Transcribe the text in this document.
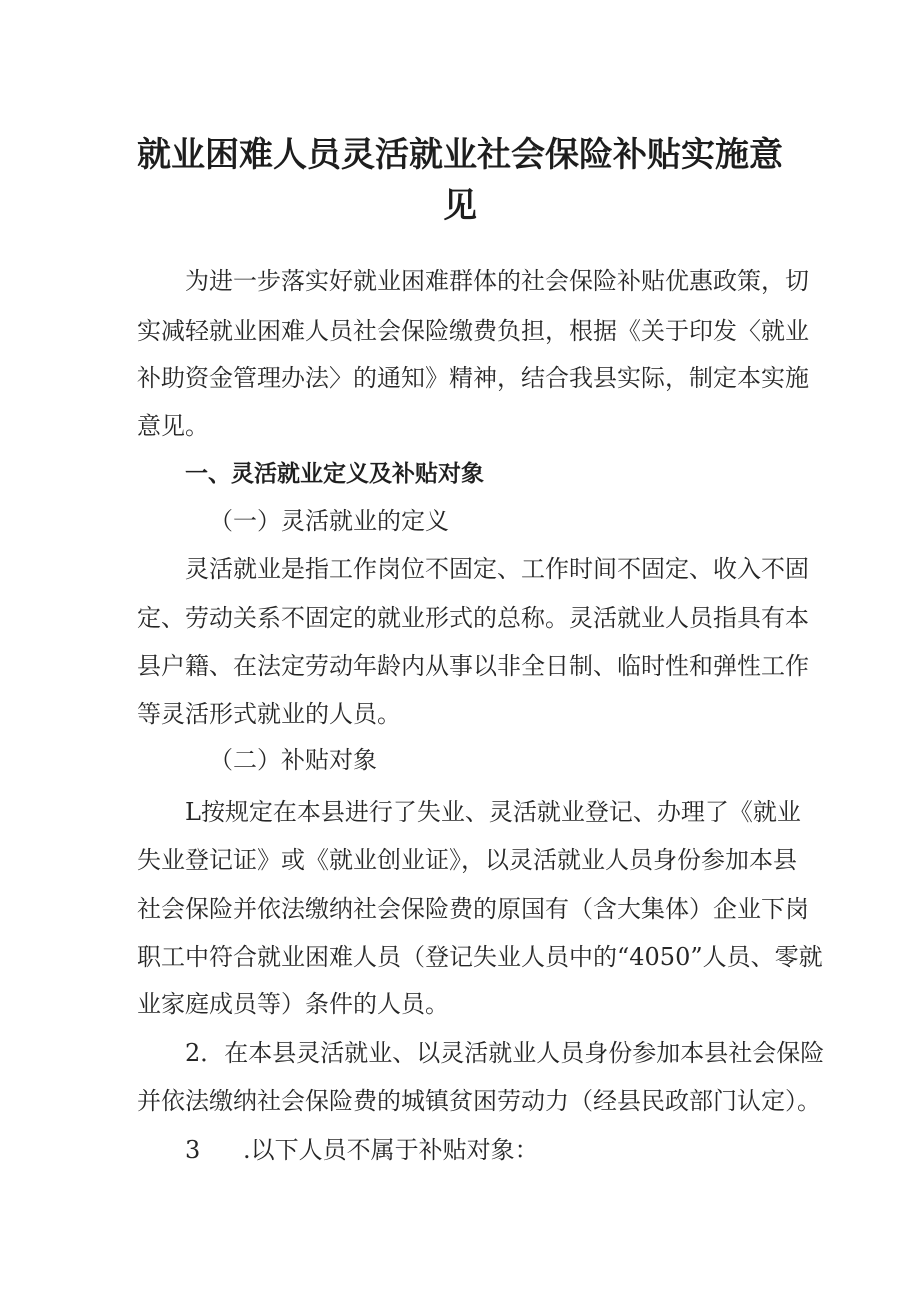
就业困难人员灵活就业社会保险补贴实施意
见
为进一步落实好就业困难群体的社会保险补贴优惠政策，切
实减轻就业困难人员社会保险缴费负担，根据《关于印发〈就业
补助资金管理办法〉的通知》精神，结合我县实际，制定本实施
意见。
一、灵活就业定义及补贴对象
（一）灵活就业的定义
灵活就业是指工作岗位不固定、工作时间不固定、收入不固
定、劳动关系不固定的就业形式的总称。灵活就业人员指具有本
县户籍、在法定劳动年龄内从事以非全日制、临时性和弹性工作
等灵活形式就业的人员。
（二）补贴对象
L按规定在本县进行了失业、灵活就业登记、办理了《就业
失业登记证》或《就业创业证》，以灵活就业人员身份参加本县
社会保险并依法缴纳社会保险费的原国有（含大集体）企业下岗
职工中符合就业困难人员（登记失业人员中的“4050”人员、零就
业家庭成员等）条件的人员。
2．在本县灵活就业、以灵活就业人员身份参加本县社会保险
并依法缴纳社会保险费的城镇贫困劳动力（经县民政部门认定）。
3 .以下人员不属于补贴对象：
